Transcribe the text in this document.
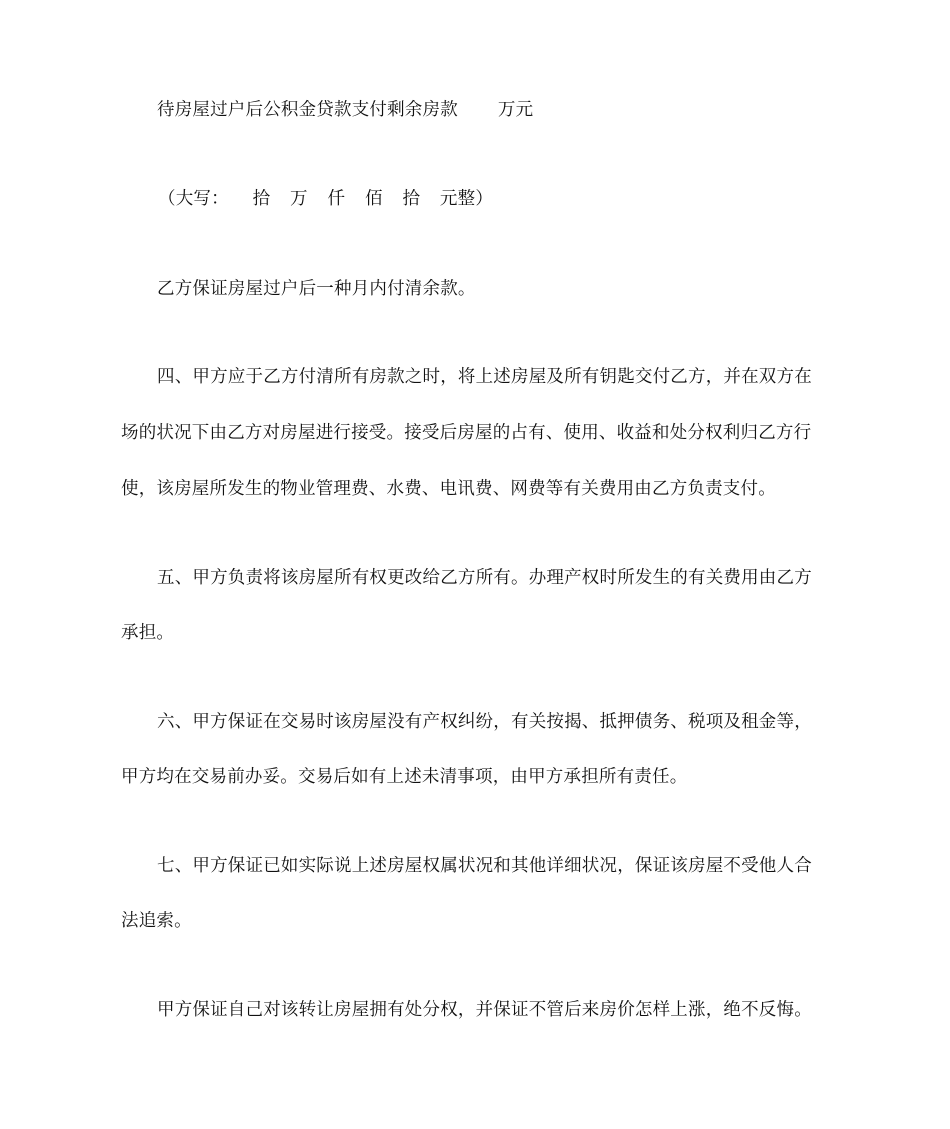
待房屋过户后公积金贷款支付剩余房款 万元
（大写： 拾 万 仟 佰 拾 元整）
乙方保证房屋过户后一种月内付清余款。
四、甲方应于乙方付清所有房款之时，将上述房屋及所有钥匙交付乙方，并在双方在
场的状况下由乙方对房屋进行接受。接受后房屋的占有、使用、收益和处分权利归乙方行
使，该房屋所发生的物业管理费、水费、电讯费、网费等有关费用由乙方负责支付。
五、甲方负责将该房屋所有权更改给乙方所有。办理产权时所发生的有关费用由乙方
承担。
六、甲方保证在交易时该房屋没有产权纠纷，有关按揭、抵押债务、税项及租金等，
甲方均在交易前办妥。交易后如有上述未清事项，由甲方承担所有责任。
七、甲方保证已如实际说上述房屋权属状况和其他详细状况，保证该房屋不受他人合
法追索。
甲方保证自己对该转让房屋拥有处分权，并保证不管后来房价怎样上涨，绝不反悔。
